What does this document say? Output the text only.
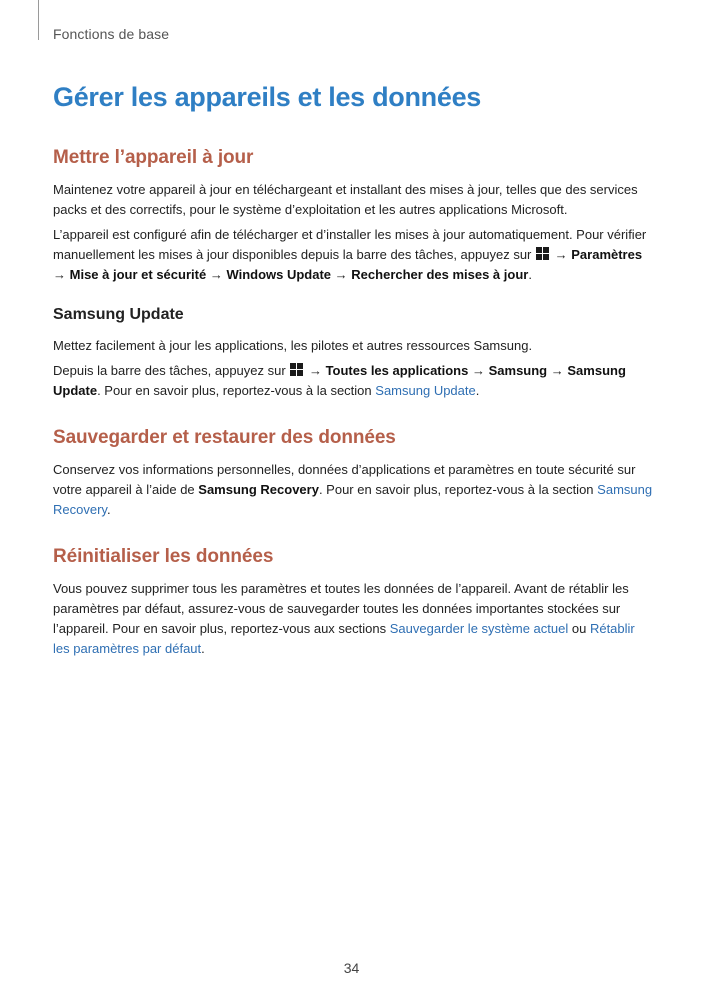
Fonctions de base
Gérer les appareils et les données
Mettre l’appareil à jour
Maintenez votre appareil à jour en téléchargeant et installant des mises à jour, telles que des services packs et des correctifs, pour le système d’exploitation et les autres applications Microsoft.
L’appareil est configuré afin de télécharger et d’installer les mises à jour automatiquement. Pour vérifier manuellement les mises à jour disponibles depuis la barre des tâches, appuyez sur → Paramètres → Mise à jour et sécurité → Windows Update → Rechercher des mises à jour.
Samsung Update
Mettez facilement à jour les applications, les pilotes et autres ressources Samsung.
Depuis la barre des tâches, appuyez sur → Toutes les applications → Samsung → Samsung Update. Pour en savoir plus, reportez-vous à la section Samsung Update.
Sauvegarder et restaurer des données
Conservez vos informations personnelles, données d’applications et paramètres en toute sécurité sur votre appareil à l’aide de Samsung Recovery. Pour en savoir plus, reportez-vous à la section Samsung Recovery.
Réinitialiser les données
Vous pouvez supprimer tous les paramètres et toutes les données de l’appareil. Avant de rétablir les paramètres par défaut, assurez-vous de sauvegarder toutes les données importantes stockées sur l’appareil. Pour en savoir plus, reportez-vous aux sections Sauvegarder le système actuel ou Rétablir les paramètres par défaut.
34
